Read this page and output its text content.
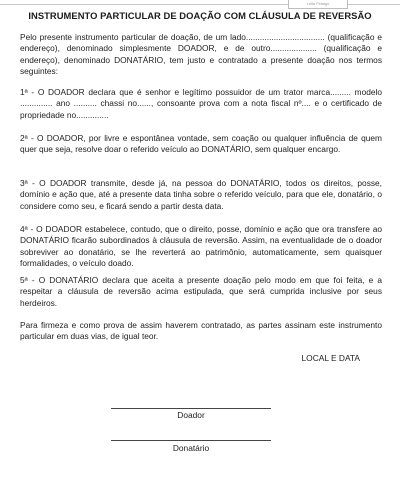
Leila Fidalgo
INSTRUMENTO PARTICULAR DE DOAÇÃO COM CLÁUSULA DE REVERSÃO

Pelo presente instrumento particular de doação, de um lado.................................. (qualificação e endereço), denominado simplesmente DOADOR, e de outro.................... (qualificação e endereço), denominado DONATÁRIO, tem justo e contratado a presente doação nos termos seguintes:

1ª - O DOADOR declara que é senhor e legítimo possuidor de um trator marca......... modelo .............. ano .......... chassi no......, consoante prova com a nota fiscal nº.... e o certificado de propriedade no..............

2ª - O DOADOR, por livre e espontânea vontade, sem coação ou qualquer influência de quem quer que seja, resolve doar o referido veículo ao DONATÁRIO, sem qualquer encargo.

3ª - O DOADOR transmite, desde já, na pessoa do DONATÁRIO, todos os direitos, posse, domínio e ação que, até a presente data tinha sobre o referido veículo, para que ele, donatário, o considere como seu, e ficará sendo a partir desta data.

4ª - O DOADOR estabelece, contudo, que o direito, posse, domínio e ação que ora transfere ao DONATÁRIO ficarão subordinados à cláusula de reversão. Assim, na eventualidade de o doador sobreviver ao donatário, se lhe reverterá ao patrimônio, automaticamente, sem quaisquer formalidades, o veículo doado.

5ª - O DONATÁRIO declara que aceita a presente doação pelo modo em que foi feita, e a respeitar a cláusula de reversão acima estipulada, que será cumprida inclusive por seus herdeiros.

Para firmeza e como prova de assim haverem contratado, as partes assinam este instrumento particular em duas vias, de igual teor.

LOCAL E DATA
Doador
Donatário
